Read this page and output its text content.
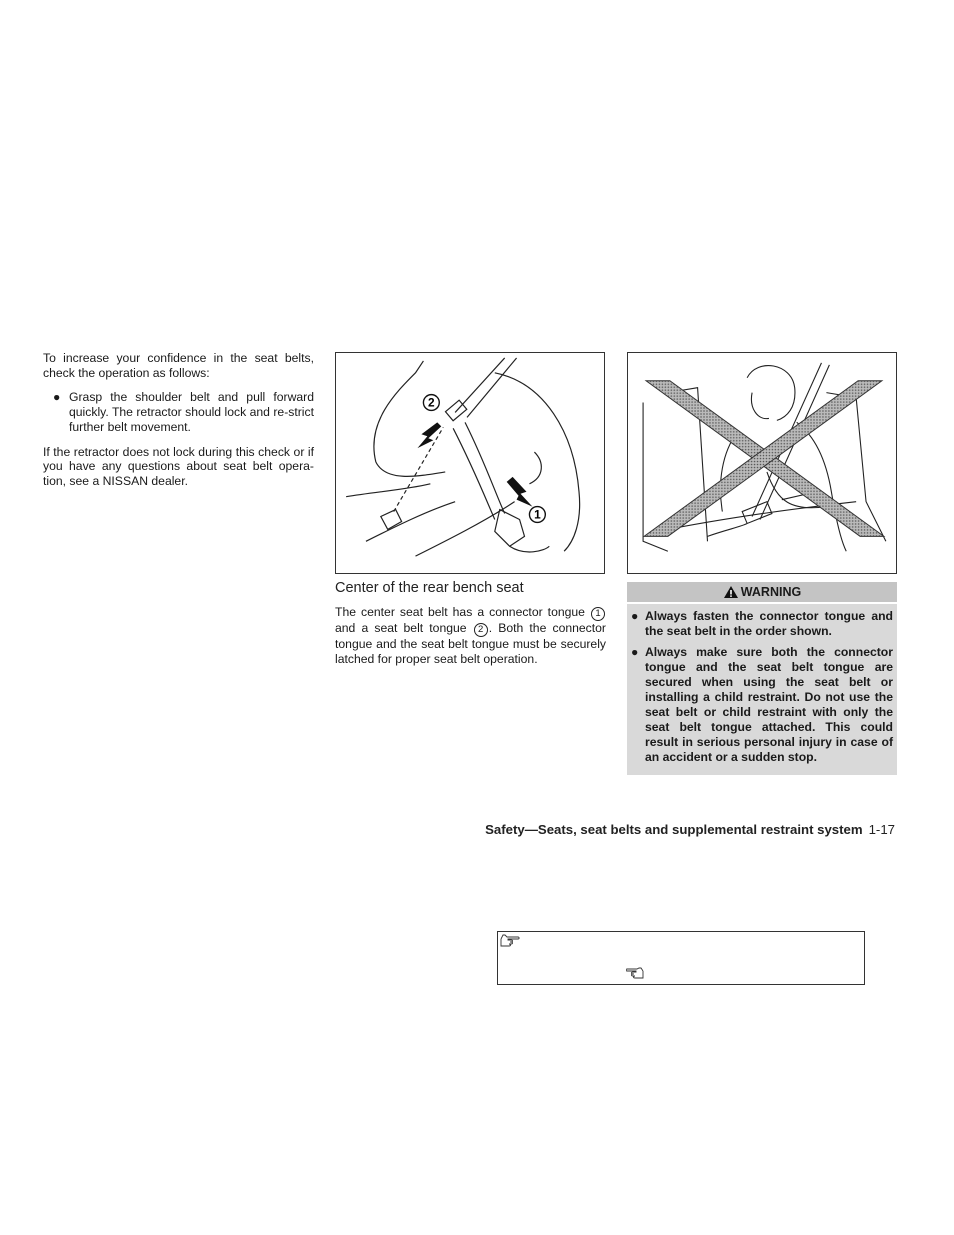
To increase your confidence in the seat belts, check the operation as follows:

● Grasp the shoulder belt and pull forward quickly. The retractor should lock and re-strict further belt movement.

If the retractor does not lock during this check or if you have any questions about seat belt opera-tion, see a NISSAN dealer.

2
1
Center of the rear bench seat

The center seat belt has a connector tongue 1 and a seat belt tongue 2 . Both the connector tongue and the seat belt tongue must be securely latched for proper seat belt operation.

WARNING
● Always fasten the connector tongue and the seat belt in the order shown.
● Always make sure both the connector tongue and the seat belt tongue are secured when using the seat belt or installing a child restraint. Do not use the seat belt or child restraint with only the seat belt tongue attached. This could result in serious personal injury in case of an accident or a sudden stop.
Safety—Seats, seat belts and supplemental restraint system 1-17
